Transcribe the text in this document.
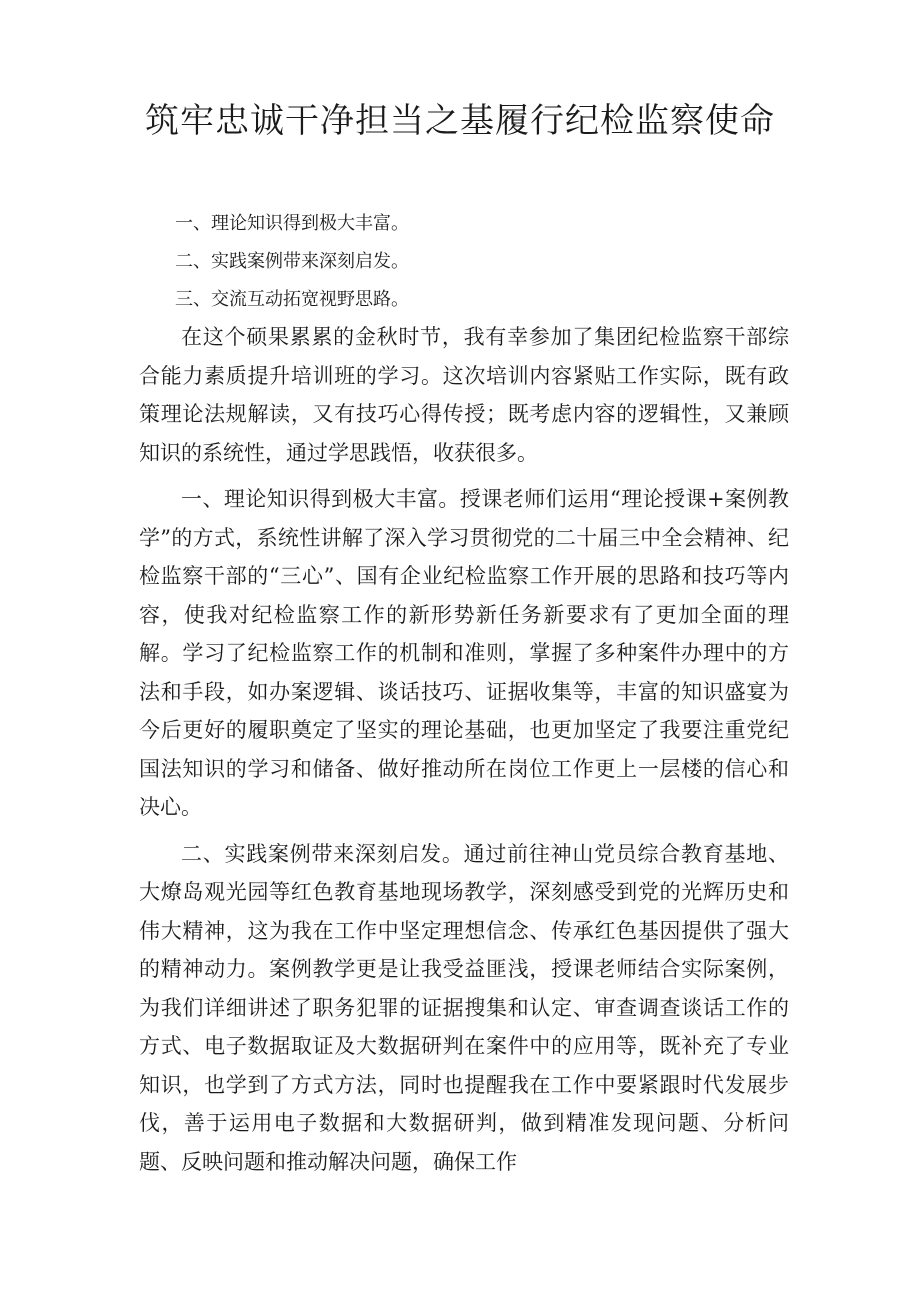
筑牢忠诚干净担当之基履行纪检监察使命
一、理论知识得到极大丰富。
二、实践案例带来深刻启发。
三、交流互动拓宽视野思路。

在这个硕果累累的金秋时节，我有幸参加了集团纪检监察干部综合能力素质提升培训班的学习。这次培训内容紧贴工作实际，既有政策理论法规解读，又有技巧心得传授；既考虑内容的逻辑性，又兼顾知识的系统性，通过学思践悟，收获很多。

一、理论知识得到极大丰富。授课老师们运用“理论授课+案例教学”的方式，系统性讲解了深入学习贯彻党的二十届三中全会精神、纪检监察干部的“三心”、国有企业纪检监察工作开展的思路和技巧等内容，使我对纪检监察工作的新形势新任务新要求有了更加全面的理解。学习了纪检监察工作的机制和准则，掌握了多种案件办理中的方法和手段，如办案逻辑、谈话技巧、证据收集等，丰富的知识盛宴为今后更好的履职奠定了坚实的理论基础，也更加坚定了我要注重党纪国法知识的学习和储备、做好推动所在岗位工作更上一层楼的信心和决心。

二、实践案例带来深刻启发。通过前往神山党员综合教育基地、大燎岛观光园等红色教育基地现场教学，深刻感受到党的光辉历史和伟大精神，这为我在工作中坚定理想信念、传承红色基因提供了强大的精神动力。案例教学更是让我受益匪浅，授课老师结合实际案例，为我们详细讲述了职务犯罪的证据搜集和认定、审查调查谈话工作的方式、电子数据取证及大数据研判在案件中的应用等，既补充了专业知识，也学到了方式方法，同时也提醒我在工作中要紧跟时代发展步伐，善于运用电子数据和大数据研判，做到精准发现问题、分析问题、反映问题和推动解决问题，确保工作
